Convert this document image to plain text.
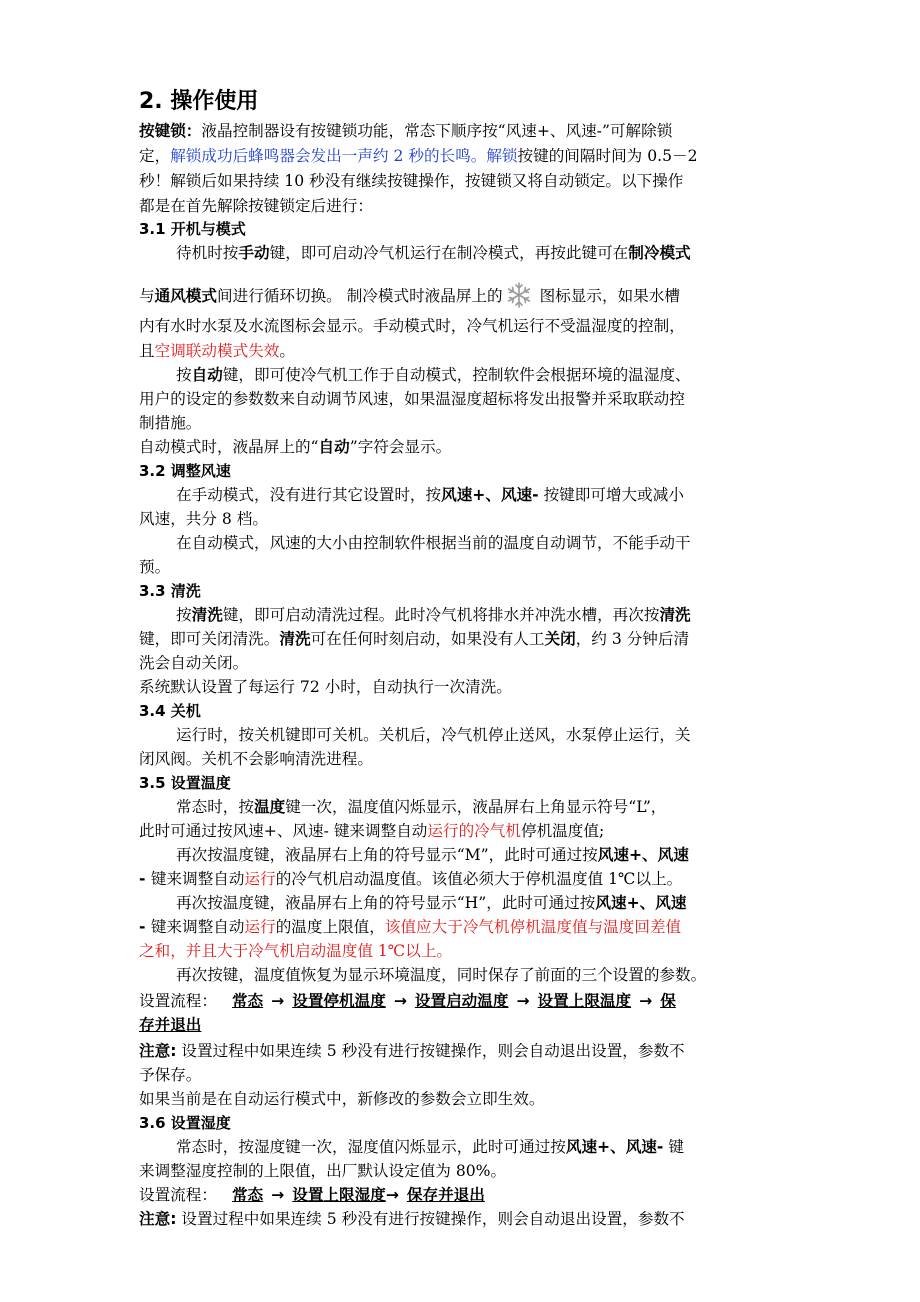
2. 操作使用
按键锁：液晶控制器设有按键锁功能，常态下顺序按“风速+、风速-”可解除锁
定，解锁成功后蜂鸣器会发出一声约 2 秒的长鸣。解锁按键的间隔时间为 0.5－2
秒！解锁后如果持续 10 秒没有继续按键操作，按键锁又将自动锁定。以下操作
都是在首先解除按键锁定后进行：
3.1 开机与模式
待机时按手动键，即可启动冷气机运行在制冷模式，再按此键可在制冷模式
与通风模式间进行循环切换。 制冷模式时液晶屏上的 图标显示，如果水槽
内有水时水泵及水流图标会显示。手动模式时，冷气机运行不受温湿度的控制，
且空调联动模式失效。
按自动键，即可使冷气机工作于自动模式，控制软件会根据环境的温湿度、
用户的设定的参数数来自动调节风速，如果温湿度超标将发出报警并采取联动控
制措施。
自动模式时，液晶屏上的“自动”字符会显示。
3.2 调整风速
在手动模式，没有进行其它设置时，按风速+、风速- 按键即可增大或减小
风速，共分 8 档。
在自动模式，风速的大小由控制软件根据当前的温度自动调节，不能手动干
预。
3.3 清洗
按清洗键，即可启动清洗过程。此时冷气机将排水并冲洗水槽，再次按清洗
键，即可关闭清洗。清洗可在任何时刻启动，如果没有人工关闭，约 3 分钟后清
洗会自动关闭。
系统默认设置了每运行 72 小时，自动执行一次清洗。
3.4 关机
运行时，按关机键即可关机。关机后，冷气机停止送风，水泵停止运行，关
闭风阀。关机不会影响清洗进程。
3.5 设置温度
常态时，按温度键一次，温度值闪烁显示，液晶屏右上角显示符号“L”，
此时可通过按风速+、风速- 键来调整自动运行的冷气机停机温度值;
再次按温度键，液晶屏右上角的符号显示“M”，此时可通过按风速+、风速
- 键来调整自动运行的冷气机启动温度值。该值必须大于停机温度值 1℃以上。
再次按温度键，液晶屏右上角的符号显示“H”，此时可通过按风速+、风速
- 键来调整自动运行的温度上限值，该值应大于冷气机停机温度值与温度回差值
之和，并且大于冷气机启动温度值 1℃以上。
再次按键，温度值恢复为显示环境温度，同时保存了前面的三个设置的参数。
设置流程： 常态 → 设置停机温度 → 设置启动温度 → 设置上限温度 → 保
存并退出
注意: 设置过程中如果连续 5 秒没有进行按键操作，则会自动退出设置，参数不
予保存。
如果当前是在自动运行模式中，新修改的参数会立即生效。
3.6 设置湿度
常态时，按湿度键一次，湿度值闪烁显示，此时可通过按风速+、风速- 键
来调整湿度控制的上限值，出厂默认设定值为 80%。
设置流程： 常态 → 设置上限湿度→ 保存并退出
注意: 设置过程中如果连续 5 秒没有进行按键操作，则会自动退出设置，参数不
